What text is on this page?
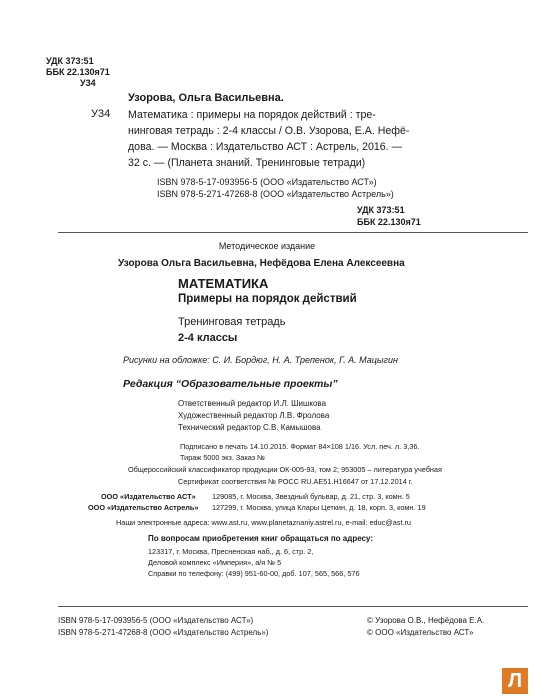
УДК 373:51
ББК 22.130я71
У34
Узорова, Ольга Васильевна.
У34 Математика : примеры на порядок действий : тре-
нинговая тетрадь : 2-4 классы / О.В. Узорова, Е.А. Нефё-
дова. — Москва : Издательство АСТ : Астрель, 2016. —
32 с. — (Планета знаний. Тренинговые тетради)
ISBN 978-5-17-093956-5 (ООО «Издательство АСТ»)
ISBN 978-5-271-47268-8 (ООО «Издательство Астрель»)
УДК 373:51
ББК 22.130я71
Методическое издание
Узорова Ольга Васильевна, Нефёдова Елена Алексеевна
МАТЕМАТИКА
Примеры на порядок действий
Тренинговая тетрадь
2-4 классы
Рисунки на обложке: С. И. Бордюг, Н. А. Трепенок, Г. А. Мацыгин
Редакция “Образовательные проекты”
Ответственный редактор И.Л. Шишкова
Художественный редактор Л.В. Фролова
Технический редактор С.В. Камышова
Подписано в печать 14.10.2015. Формат 84×108 1/16. Усл. печ. л. 3,36.
Тираж 5000 экз. Заказ №
Общероссийский классификатор продукции ОК-005-93, том 2; 953005 – литература учебная
Сертификат соответствия № РОСС RU.АЕ51.Н16647 от 17.12.2014 г.
ООО «Издательство АСТ» 129085, г. Москва, Звездный бульвар, д. 21, стр. 3, комн. 5
ООО «Издательство Астрель» 127299, г. Москва, улица Клары Цеткин, д. 18, корп. 3, комн. 19
Наши электронные адреса: www.ast.ru, www.planetaznaniy.astrel.ru, e-mail: educ@ast.ru
По вопросам приобретения книг обращаться по адресу:
123317, г. Москва, Пресненская наб., д. 6, стр. 2,
Деловой комплекс «Империя», а/я № 5
Справки по телефону: (499) 951-60-00, доб. 107, 565, 566, 576
ISBN 978-5-17-093956-5 (ООО «Издательство АСТ»)
ISBN 978-5-271-47268-8 (ООО «Издательство Астрель»)
© Узорова О.В., Нефёдова Е.А.
© ООО «Издательство АСТ»
Л
